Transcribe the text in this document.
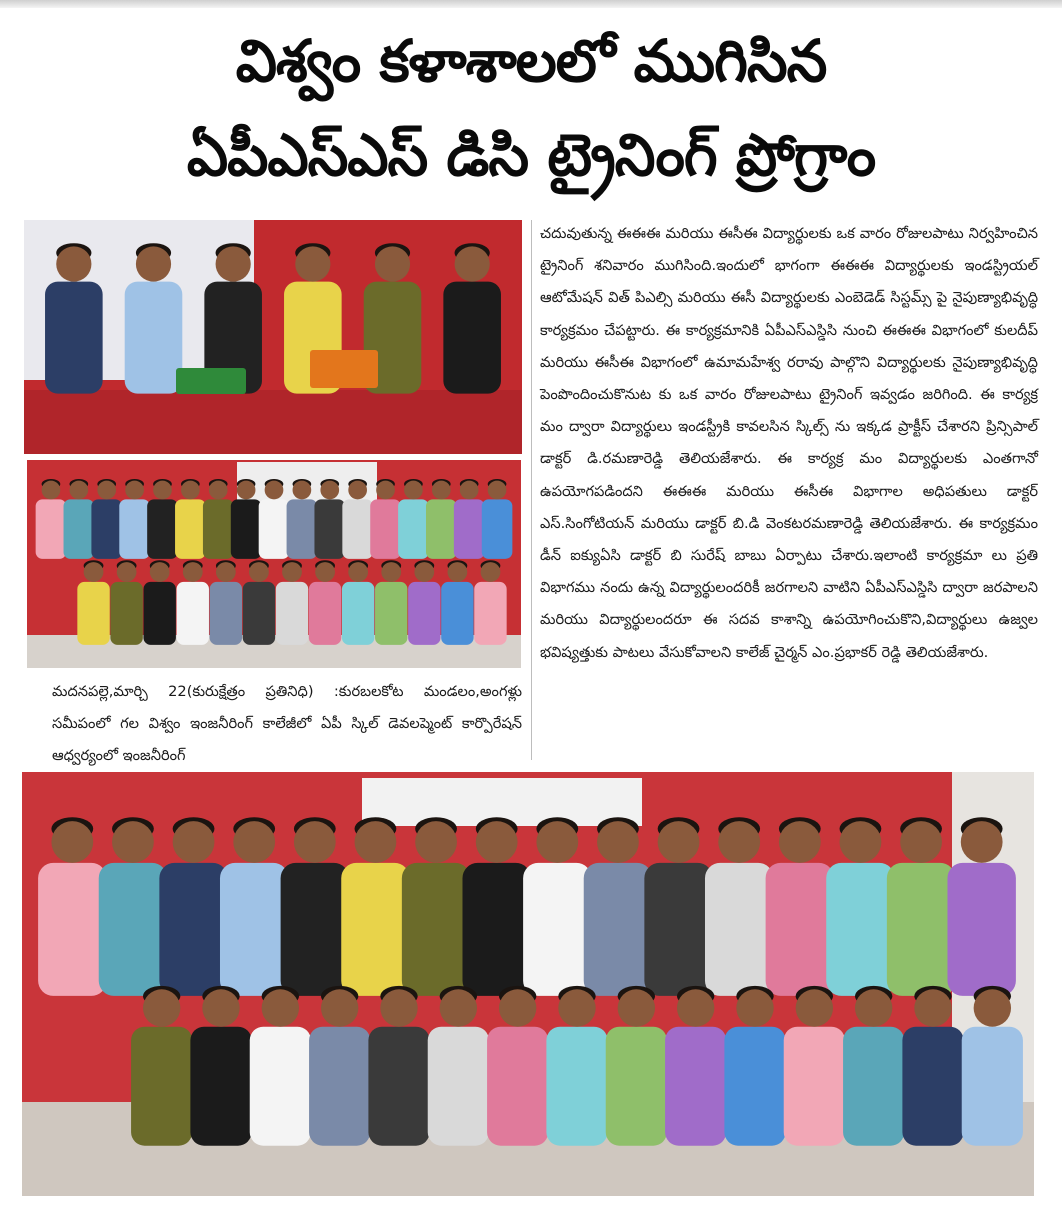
విశ్వం కళాశాలలో ముగిసిన
ఏపీఎస్ఎస్ డిసి ట్రైనింగ్ ప్రోగ్రాం
చదువుతున్న ఈఈఈ మరియు ఈసీఈ విద్యార్థులకు ఒక వారం రోజులపాటు నిర్వహించిన ట్రైనింగ్ శనివారం ముగిసింది.ఇందులో భాగంగా ఈఈఈ విద్యార్థులకు ఇండస్ట్రియల్ ఆటోమేషన్ విత్ పిఎల్సి మరియు ఈసీ విద్యార్థులకు ఎంబెడెడ్ సిస్టమ్స్ పై నైపుణ్యాభివృద్ధి కార్యక్రమం చేపట్టారు. ఈ కార్యక్రమానికి ఏపీఎస్ఎస్డిసి నుంచి ఈఈఈ విభాగంలో కులదీప్ మరియు ఈసీఈ విభాగంలో ఉమామహేశ్వ రరావు పాల్గొని విద్యార్థులకు నైపుణ్యాభివృద్ధి పెంపొందించుకొనుట కు ఒక వారం రోజులపాటు ట్రైనింగ్ ఇవ్వడం జరిగింది. ఈ కార్యక్ర మం ద్వారా విద్యార్థులు ఇండస్ట్రీకి కావలసిన స్కిల్స్ ను ఇక్కడ ప్రాక్టీస్ చేశారని ప్రిన్సిపాల్ డాక్టర్ డి.రమణారెడ్డి తెలియజేశారు. ఈ కార్యక్ర మం విద్యార్థులకు ఎంతగానో ఉపయోగపడిందని ఈఈఈ మరియు ఈసీఈ విభాగాల అధిపతులు డాక్టర్ ఎస్.సింగోటియన్ మరియు డాక్టర్ బి.డి వెంకటరమణారెడ్డి తెలియజేశారు. ఈ కార్యక్రమం డీన్ ఐక్యుఏసి డాక్టర్ బి సురేష్ బాబు ఏర్పాటు చేశారు.ఇలాంటి కార్యక్రమా లు ప్రతి విభాగము నందు ఉన్న విద్యార్థులందరికీ జరగాలని వాటిని ఏపీఎస్ఎస్డిసి ద్వారా జరపాలని మరియు విద్యార్థులందరూ ఈ సదవ కాశాన్ని ఉపయోగించుకొని,విద్యార్థులు ఉజ్వల భవిష్యత్తుకు పాటలు వేసుకోవాలని కాలేజ్ చైర్మన్ ఎం.ప్రభాకర్ రెడ్డి తెలియజేశారు.
మదనపల్లె,మార్చి 22(కురుక్షేత్రం ప్రతినిధి) :కురబలకోట మండలం,అంగళ్లు సమీపంలో గల విశ్వం ఇంజనీరింగ్ కాలేజీలో ఏపీ స్కిల్ డెవలప్మెంట్ కార్పొరేషన్ ఆధ్వర్యంలో ఇంజనీరింగ్
